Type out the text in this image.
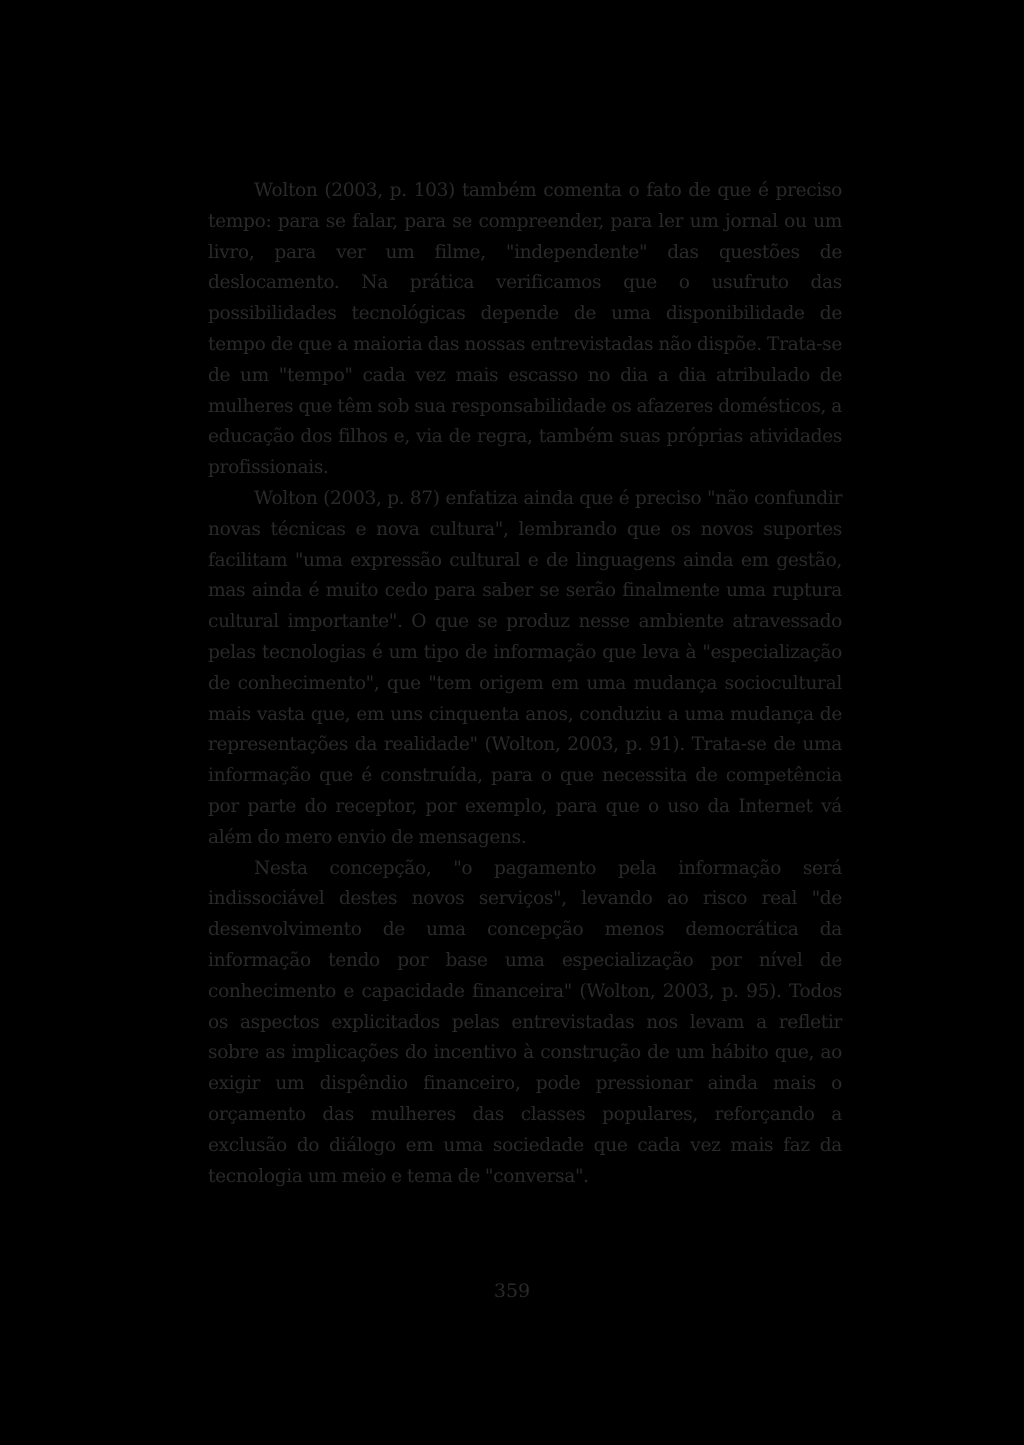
Wolton (2003, p. 103) também comenta o fato de que é preciso tempo: para se falar, para se compreender, para ler um jornal ou um livro, para ver um filme, "independente" das questões de deslocamento. Na prática verificamos que o usufruto das possibilidades tecnológicas depende de uma disponibilidade de tempo de que a maioria das nossas entrevistadas não dispõe. Trata-se de um "tempo" cada vez mais escasso no dia a dia atribulado de mulheres que têm sob sua responsabilidade os afazeres domésticos, a educação dos filhos e, via de regra, também suas próprias atividades profissionais.

Wolton (2003, p. 87) enfatiza ainda que é preciso "não confundir novas técnicas e nova cultura", lembrando que os novos suportes facilitam "uma expressão cultural e de linguagens ainda em gestão, mas ainda é muito cedo para saber se serão finalmente uma ruptura cultural importante". O que se produz nesse ambiente atravessado pelas tecnologias é um tipo de informação que leva à "especialização de conhecimento", que "tem origem em uma mudança sociocultural mais vasta que, em uns cinquenta anos, conduziu a uma mudança de representações da realidade" (Wolton, 2003, p. 91). Trata-se de uma informação que é construída, para o que necessita de competência por parte do receptor, por exemplo, para que o uso da Internet vá além do mero envio de mensagens.

Nesta concepção, "o pagamento pela informação será indissociável destes novos serviços", levando ao risco real "de desenvolvimento de uma concepção menos democrática da informação tendo por base uma especialização por nível de conhecimento e capacidade financeira" (Wolton, 2003, p. 95). Todos os aspectos explicitados pelas entrevistadas nos levam a refletir sobre as implicações do incentivo à construção de um hábito que, ao exigir um dispêndio financeiro, pode pressionar ainda mais o orçamento das mulheres das classes populares, reforçando a exclusão do diálogo em uma sociedade que cada vez mais faz da tecnologia um meio e tema de "conversa".

359
